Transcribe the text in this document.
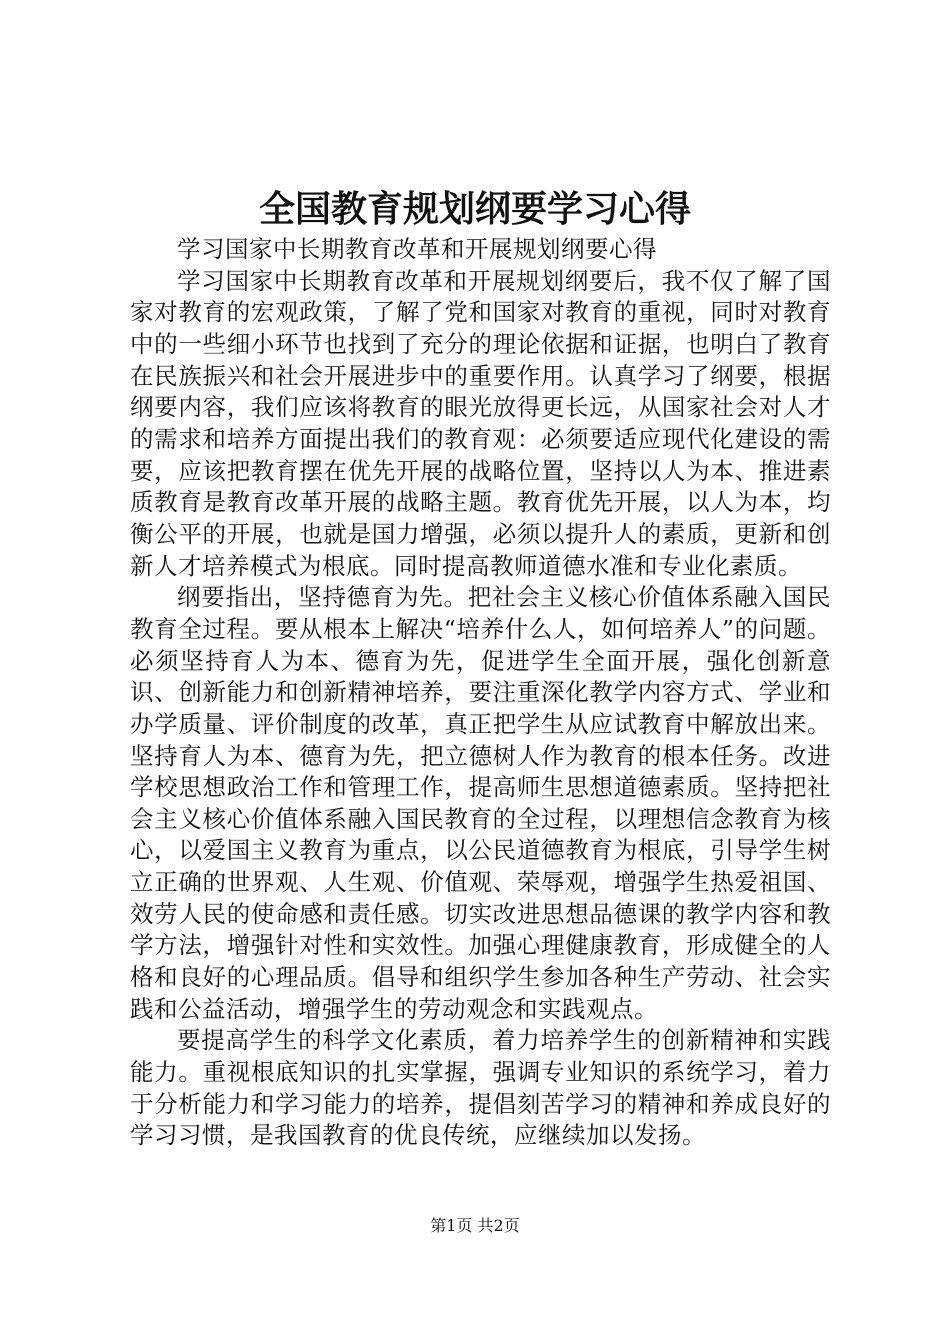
全国教育规划纲要学习心得

学习国家中长期教育改革和开展规划纲要心得

学习国家中长期教育改革和开展规划纲要后，我不仅了解了国家对教育的宏观政策，了解了党和国家对教育的重视，同时对教育中的一些细小环节也找到了充分的理论依据和证据，也明白了教育在民族振兴和社会开展进步中的重要作用。认真学习了纲要，根据纲要内容，我们应该将教育的眼光放得更长远，从国家社会对人才的需求和培养方面提出我们的教育观：必须要适应现代化建设的需要，应该把教育摆在优先开展的战略位置，坚持以人为本、推进素质教育是教育改革开展的战略主题。教育优先开展，以人为本，均衡公平的开展，也就是国力增强，必须以提升人的素质，更新和创新人才培养模式为根底。同时提高教师道德水准和专业化素质。

纲要指出，坚持德育为先。把社会主义核心价值体系融入国民教育全过程。要从根本上解决“培养什么人，如何培养人”的问题。必须坚持育人为本、德育为先，促进学生全面开展，强化创新意识、创新能力和创新精神培养，要注重深化教学内容方式、学业和办学质量、评价制度的改革，真正把学生从应试教育中解放出来。坚持育人为本、德育为先，把立德树人作为教育的根本任务。改进学校思想政治工作和管理工作，提高师生思想道德素质。坚持把社会主义核心价值体系融入国民教育的全过程，以理想信念教育为核心，以爱国主义教育为重点，以公民道德教育为根底，引导学生树立正确的世界观、人生观、价值观、荣辱观，增强学生热爱祖国、效劳人民的使命感和责任感。切实改进思想品德课的教学内容和教学方法，增强针对性和实效性。加强心理健康教育，形成健全的人格和良好的心理品质。倡导和组织学生参加各种生产劳动、社会实践和公益活动，增强学生的劳动观念和实践观点。

要提高学生的科学文化素质，着力培养学生的创新精神和实践能力。重视根底知识的扎实掌握，强调专业知识的系统学习，着力于分析能力和学习能力的培养，提倡刻苦学习的精神和养成良好的学习习惯，是我国教育的优良传统，应继续加以发扬。

第1页 共2页
